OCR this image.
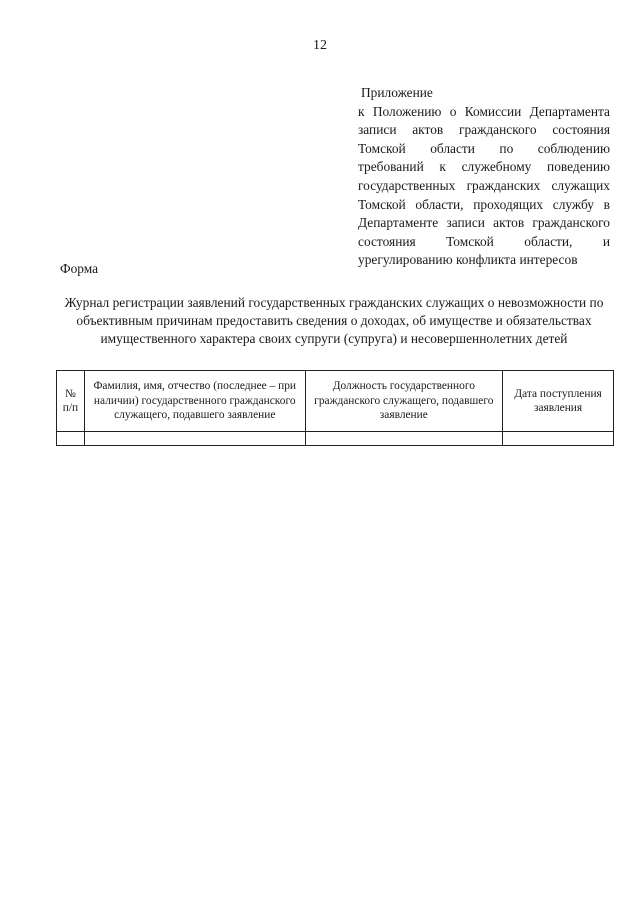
12
Приложение
к Положению о Комиссии Департамента записи актов гражданского состояния Томской области по соблюдению требований к служебному поведению государственных гражданских служащих Томской области, проходящих службу в Департаменте записи актов гражданского состояния Томской области, и урегулированию конфликта интересов
Форма
Журнал регистрации заявлений государственных гражданских служащих о невозможности по объективным причинам предоставить сведения о доходах, об имуществе и обязательствах имущественного характера своих супруги (супруга) и несовершеннолетних детей
№ п/п	Фамилия, имя, отчество (последнее – при наличии) государственного гражданского служащего, подавшего заявление	Должность государственного гражданского служащего, подавшего заявление	Дата поступления заявления
